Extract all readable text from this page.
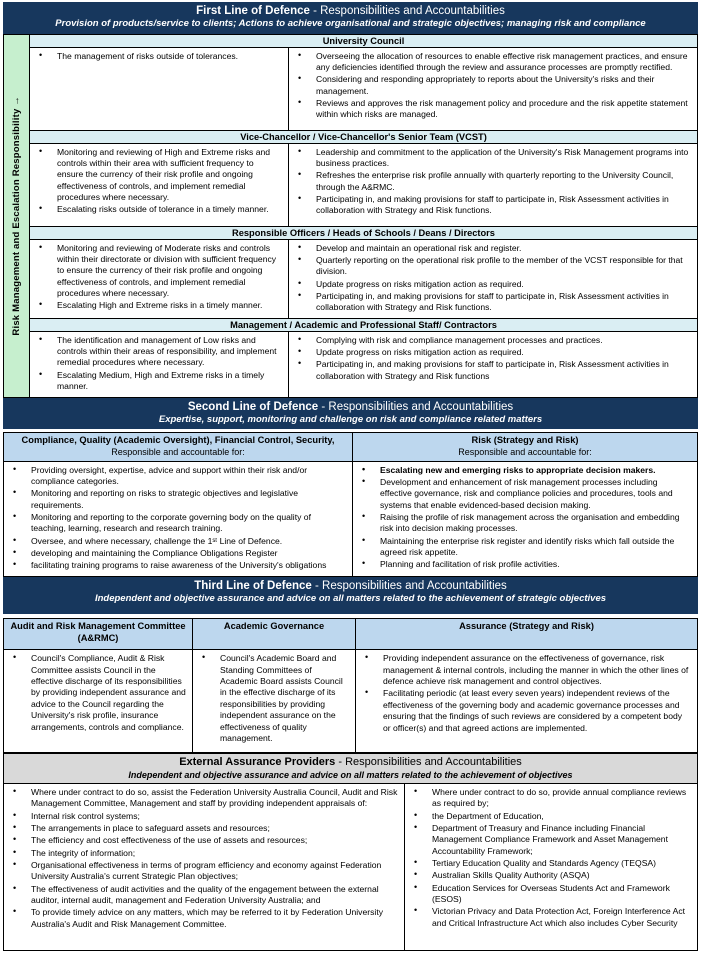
First Line of Defence - Responsibilities and Accountabilities
Provision of products/service to clients; Actions to achieve organisational and strategic objectives; managing risk and compliance
Risk Management and Escalation Responsibility →
University Council
• The management of risks outside of tolerances.	• Overseeing the allocation of resources to enable effective risk management practices, and ensure any deficiencies identified through the review and assurance processes are promptly rectified.
• Considering and responding appropriately to reports about the University's risks and their management.
• Reviews and approves the risk management policy and procedure and the risk appetite statement within which risks are managed.
Vice-Chancellor / Vice-Chancellor's Senior Team (VCST)
• Monitoring and reviewing of High and Extreme risks and controls within their area with sufficient frequency to ensure the currency of their risk profile and ongoing effectiveness of controls, and implement remedial procedures where necessary.
• Escalating risks outside of tolerance in a timely manner.
• Leadership and commitment to the application of the University's Risk Management programs into business practices.
• Refreshes the enterprise risk profile annually with quarterly reporting to the University Council, through the A&RMC.
• Participating in, and making provisions for staff to participate in, Risk Assessment activities in collaboration with Strategy and Risk functions.
Responsible Officers / Heads of Schools / Deans / Directors
• Monitoring and reviewing of Moderate risks and controls within their directorate or division with sufficient frequency to ensure the currency of their risk profile and ongoing effectiveness of controls, and implement remedial procedures where necessary.
• Escalating High and Extreme risks in a timely manner.
• Develop and maintain an operational risk and register.
• Quarterly reporting on the operational risk profile to the member of the VCST responsible for that division.
• Update progress on risks mitigation action as required.
• Participating in, and making provisions for staff to participate in, Risk Assessment activities in collaboration with Strategy and Risk functions.
Management / Academic and Professional Staff/ Contractors
• The identification and management of Low risks and controls within their areas of responsibility, and implement remedial procedures where necessary.
• Escalating Medium, High and Extreme risks in a timely manner.
• Complying with risk and compliance management processes and practices.
• Update progress on risks mitigation action as required.
• Participating in, and making provisions for staff to participate in, Risk Assessment activities in collaboration with Strategy and Risk functions
Second Line of Defence - Responsibilities and Accountabilities
Expertise, support, monitoring and challenge on risk and compliance related matters
Compliance, Quality (Academic Oversight), Financial Control, Security,
Responsible and accountable for:
• Providing oversight, expertise, advice and support within their risk and/or compliance categories.
• Monitoring and reporting on risks to strategic objectives and legislative requirements.
• Monitoring and reporting to the corporate governing body on the quality of teaching, learning, research and research training.
• Oversee, and where necessary, challenge the 1ˢᵗ Line of Defence.
• developing and maintaining the Compliance Obligations Register
• facilitating training programs to raise awareness of the University's obligations
Risk (Strategy and Risk)
Responsible and accountable for:
• Escalating new and emerging risks to appropriate decision makers.
• Development and enhancement of risk management processes including effective governance, risk and compliance policies and procedures, tools and systems that enable evidenced-based decision making.
• Raising the profile of risk management across the organisation and embedding risk into decision making processes.
• Maintaining the enterprise risk register and identify risks which fall outside the agreed risk appetite.
• Planning and facilitation of risk profile activities.
Third Line of Defence - Responsibilities and Accountabilities
Independent and objective assurance and advice on all matters related to the achievement of strategic objectives
Audit and Risk Management Committee (A&RMC)
• Council's Compliance, Audit & Risk Committee assists Council in the effective discharge of its responsibilities by providing independent assurance and advice to the Council regarding the University's risk profile, insurance arrangements, controls and compliance.
Academic Governance
• Council's Academic Board and Standing Committees of Academic Board assists Council in the effective discharge of its responsibilities by providing independent assurance on the effectiveness of quality management.
Assurance (Strategy and Risk)
• Providing independent assurance on the effectiveness of governance, risk management & internal controls, including the manner in which the other lines of defence achieve risk management and control objectives.
• Facilitating periodic (at least every seven years) independent reviews of the effectiveness of the governing body and academic governance processes and ensuring that the findings of such reviews are considered by a competent body or officer(s) and that agreed actions are implemented.
External Assurance Providers - Responsibilities and Accountabilities
Independent and objective assurance and advice on all matters related to the achievement of objectives
• Where under contract to do so, assist the Federation University Australia Council, Audit and Risk Management Committee, Management and staff by providing independent appraisals of:
• Internal risk control systems;
• The arrangements in place to safeguard assets and resources;
• The efficiency and cost effectiveness of the use of assets and resources;
• The integrity of information;
• Organisational effectiveness in terms of program efficiency and economy against Federation University Australia's current Strategic Plan objectives;
• The effectiveness of audit activities and the quality of the engagement between the external auditor, internal audit, management and Federation University Australia; and
• To provide timely advice on any matters, which may be referred to it by Federation University Australia's Audit and Risk Management Committee.
• Where under contract to do so, provide annual compliance reviews as required by;
• the Department of Education,
• Department of Treasury and Finance including Financial Management Compliance Framework and Asset Management Accountability Framework;
• Tertiary Education Quality and Standards Agency (TEQSA)
• Australian Skills Quality Authority (ASQA)
• Education Services for Overseas Students Act and Framework (ESOS)
• Victorian Privacy and Data Protection Act, Foreign Interference Act and Critical Infrastructure Act which also includes Cyber Security
